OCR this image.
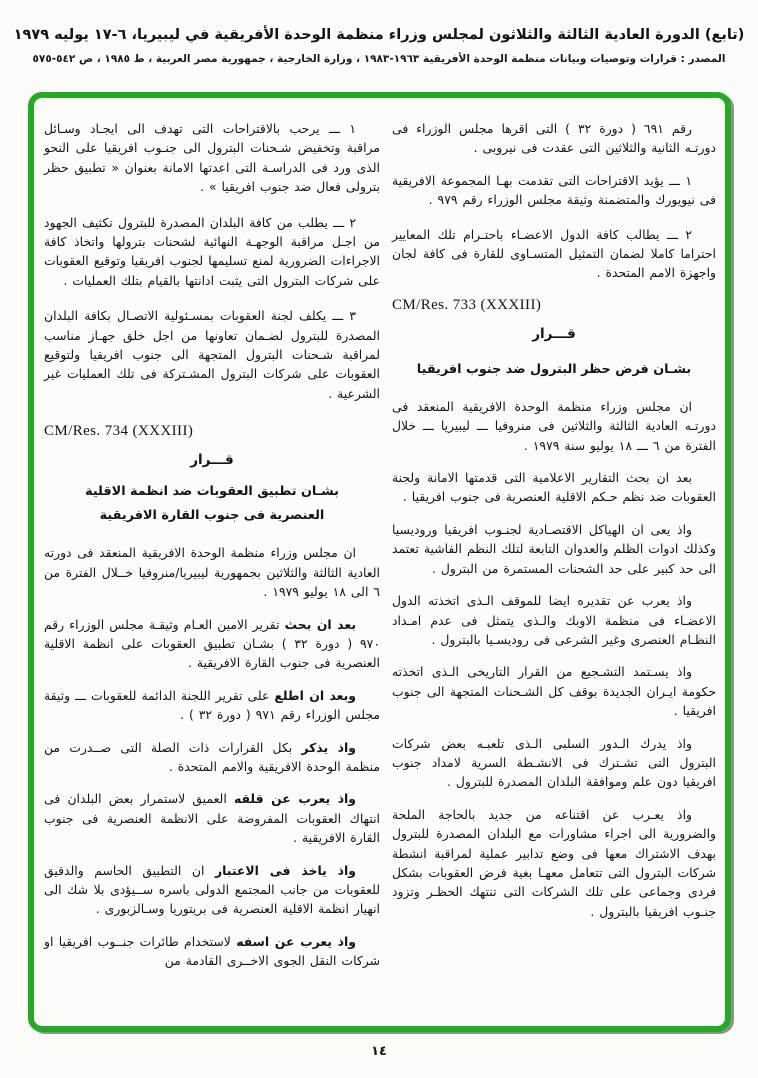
(تابع) الدورة العادية الثالثة والثلاثون لمجلس وزراء منظمة الوحدة الأفريقية في ليبيريا، ٦-١٧ يوليه ١٩٧٩
المصدر : قرارات وتوصيات وبيانات منظمة الوحدة الأفريقية ١٩٦٣-١٩٨٣ ، وزارة الخارجية ، جمهورية مصر العربية ، ط ١٩٨٥ ، ص ٥٤٢-٥٧٥

رقم ٦٩١ ( دورة ٣٢ ) التى اقرها مجلس الوزراء فى دورتـه الثانية والثلاثين التى عقدت فى نيروبى .

١ ـــ يؤيد الاقتراحات التى تقدمت بهـا المجموعة الافريقية فى نيويورك والمتضمنة وثيقة مجلس الوزراء رقم ٩٧٩ .

٢ ـــ يطالب كافة الدول الاعضـاء باحتـرام تلك المعايير احتراما كاملا لضمان التمثيل المتسـاوى للقارة فى كافة لجان واجهزة الامم المتحدة .

CM/Res. 733 (XXXIII)
قـــرار
بشـان فرض حظر البترول ضد جنوب افريقيا

ان مجلس وزراء منظمة الوحدة الافريقية المنعقد فى دورتـه العادية الثالثة والثلاثين فى منروفيا ـــ ليبيريا ـــ خلال الفترة من ٦ ـــ ١٨ يوليو سنة ١٩٧٩ .

بعد ان بحث التقارير الاعلامية التى قدمتها الامانة ولجنة العقوبات ضد نظم حـكم الاقلية العنصرية فى جنوب افريقيا .

واذ يعى ان الهياكل الاقتصـادية لجنـوب افريقيا وروديسيا وكذلك ادوات الظلم والعدوان التابعة لتلك النظم الفاشية تعتمد الى حد كبير على حد الشحنات المستمرة من البترول .

واذ يعرب عن تقديره ايضا للموقف الـذى اتخذته الدول الاعضـاء فى منظمة الاوبك والـذى يتمثل فى عدم امـداد النظـام العنصرى وغير الشرعى فى روديسـيا بالبترول .

واذ يسـتمد التشـجيع من القرار التاريخى الـذى اتخذته حكومة ايـران الجديدة بوقف كل الشـحنات المتجهة الى جنوب افريقيا .

واذ يدرك الـدور السلبى الـذى تلعبـه بعض شركات البترول التى تشـترك فى الانشـطة السرية لامداد جنوب افريقيا دون علم وموافقة البلدان المصدرة للبترول .

واذ يعـرب عن اقتناعه من جديد بالحاجة الملحة والضرورية الى اجراء مشاورات مع البلدان المصدرة للبترول بهدف الاشتراك معها فى وضع تدابير عملية لمراقبة انشطة شركات البترول التى تتعامل معهـا بغية فرض العقوبات بشكل فردى وجماعى على تلك الشركات التى تنتهك الحظـر وتزود جنـوب افريقيا بالبترول .

١ ـــ يرحب بالاقتراحات التى تهدف الى ايجـاد وسـائل مراقبة وتخفيض شـحنات البترول الى جنـوب افريقيا على النحو الذى ورد فى الدراسـة التى اعدتها الامانة بعنوان « تطبيق حظر بترولى فعال ضد جنوب افريقيا » .

٢ ـــ يطلب من كافة البلدان المصدرة للبترول تكثيف الجهود من اجـل مراقبة الوجهـة النهائية لشحنات بترولها واتخاذ كافة الاجراءات الضرورية لمنع تسليمها لجنوب افريقيا وتوقيع العقوبات على شركات البترول التى يثبت ادانتها بالقيام بتلك العمليات .

٣ ـــ يكلف لجنة العقوبات بمسـئولية الاتصـال بكافة البلدان المصدرة للبترول لضـمان تعاونها من اجل خلق جهـاز مناسب لمراقبة شـحنات البترول المتجهة الى جنوب افريقيا ولتوقيع العقوبات على شركات البترول المشـتركة فى تلك العمليات غير الشرعية .

CM/Res. 734 (XXXIII)
قـــرار
بشـان تطبيق العقوبات ضد انظمة الاقلية
العنصرية فى جنوب القارة الافريقية

ان مجلس وزراء منظمة الوحدة الافريقية المنعقد فى دورته العادية الثالثة والثلاثين بجمهورية ليبيريا/منروفيا خــلال الفترة من ٦ الى ١٨ يوليو ١٩٧٩ .

بعد ان بحث تقرير الامين العـام وثيقـة مجلس الوزراء رقم ٩٧٠ ( دورة ٣٢ ) بشـان تطبيق العقوبات على انظمة الاقلية العنصرية فى جنوب القارة الافريقية .

وبعد ان اطلع على تقرير اللجنة الدائمة للعقوبات ـــ وثيقة مجلس الوزراء رقم ٩٧١ ( دورة ٣٢ ) .

واذ يذكر بكل القرارات ذات الصلة التى صــدرت من منظمة الوحدة الافريقية والامم المتحدة .

واذ يعرب عن قلقه العميق لاستمرار بعض البلدان فى انتهاك العقوبات المفروضة على الانظمة العنصرية فى جنوب القارة الافريقية .

واذ ياخذ فى الاعتبار ان التطبيق الحاسم والدقيق للعقوبات من جانب المجتمع الدولى باسره ســيؤدى بلا شك الى انهيار انظمة الاقلية العنصرية فى بريتوريا وسـالزبورى .

واذ يعرب عن اسفه لاستخدام طائرات جنــوب افريقيا او شركات النقل الجوى الاخــرى القادمة من

١٤
